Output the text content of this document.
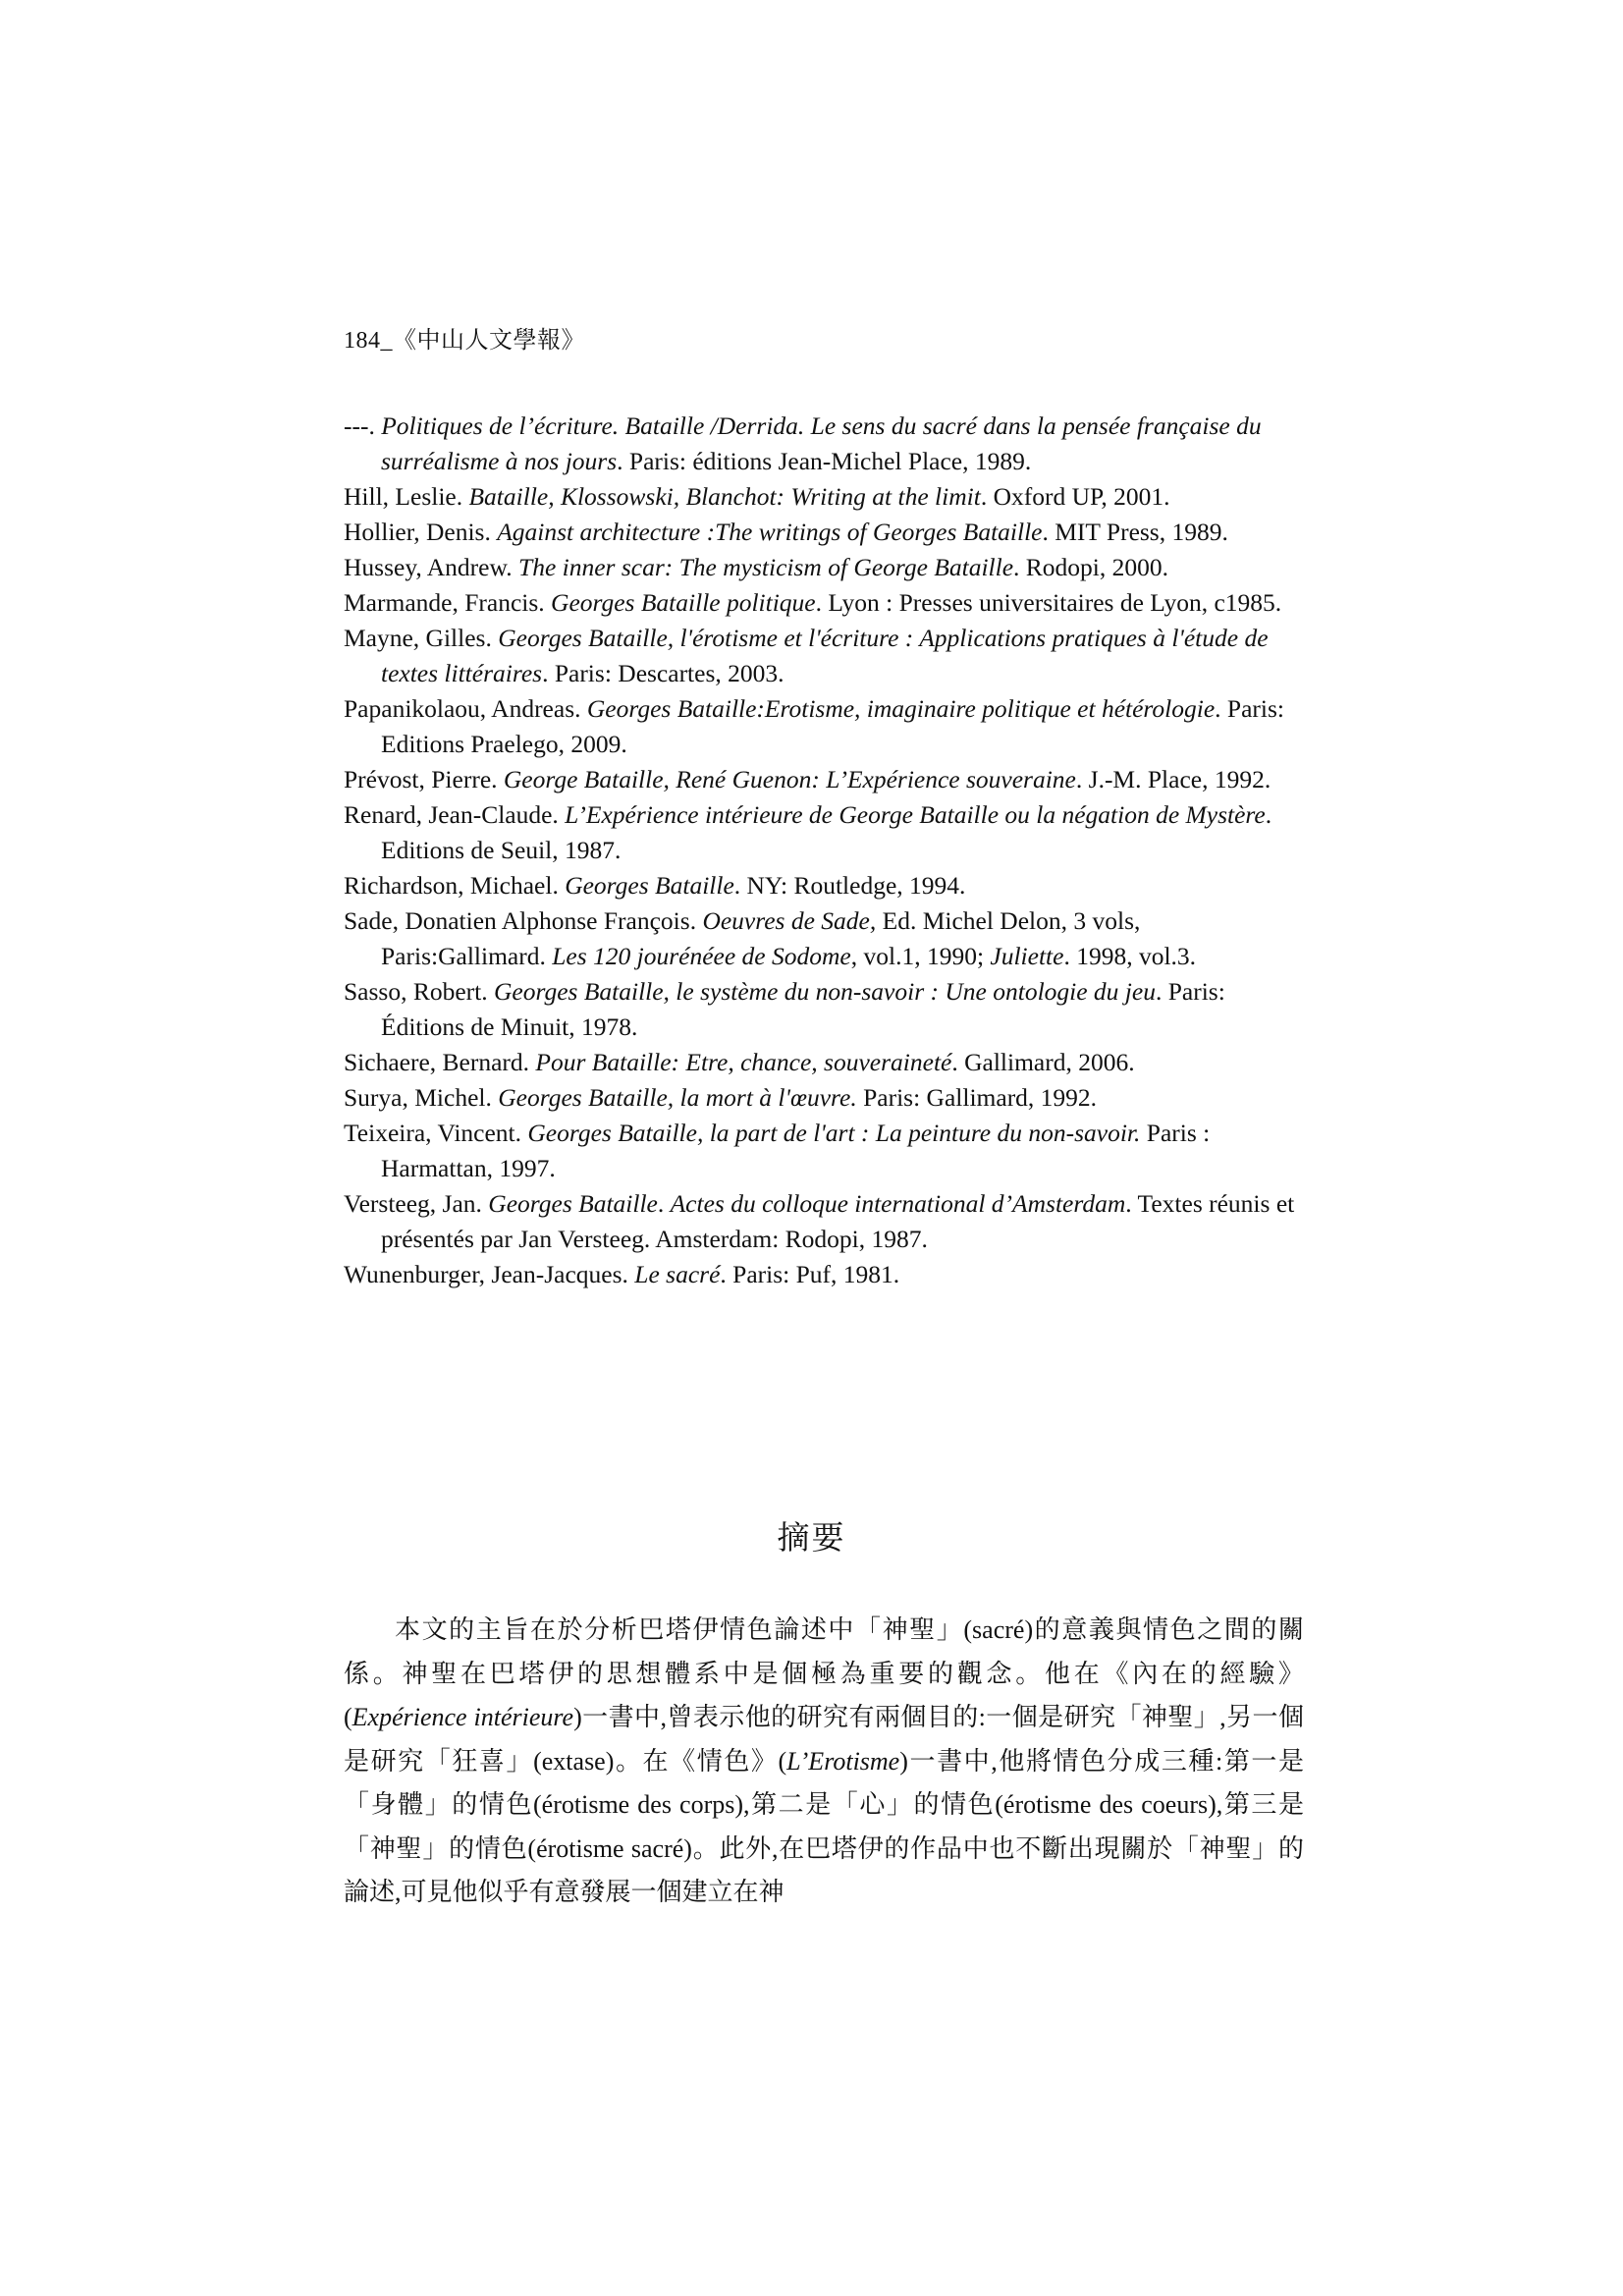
184_《中山人文學報》

---. Politiques de l’écriture. Bataille /Derrida. Le sens du sacré dans la pensée française du surréalisme à nos jours. Paris: éditions Jean-Michel Place, 1989.

Hill, Leslie. Bataille, Klossowski, Blanchot: Writing at the limit. Oxford UP, 2001.

Hollier, Denis. Against architecture :The writings of Georges Bataille. MIT Press, 1989.

Hussey, Andrew. The inner scar: The mysticism of George Bataille. Rodopi, 2000.

Marmande, Francis. Georges Bataille politique. Lyon : Presses universitaires de Lyon, c1985.

Mayne, Gilles. Georges Bataille, l'érotisme et l'écriture : Applications pratiques à l'étude de textes littéraires. Paris: Descartes, 2003.

Papanikolaou, Andreas. Georges Bataille:Erotisme, imaginaire politique et hétérologie. Paris: Editions Praelego, 2009.

Prévost, Pierre. George Bataille, René Guenon: L’Expérience souveraine. J.-M. Place, 1992.

Renard, Jean-Claude. L’Expérience intérieure de George Bataille ou la négation de Mystère. Editions de Seuil, 1987.

Richardson, Michael. Georges Bataille. NY: Routledge, 1994.

Sade, Donatien Alphonse François. Oeuvres de Sade, Ed. Michel Delon, 3 vols, Paris:Gallimard. Les 120 jourénéee de Sodome, vol.1, 1990; Juliette. 1998, vol.3.

Sasso, Robert. Georges Bataille, le système du non-savoir : Une ontologie du jeu. Paris: Éditions de Minuit, 1978.

Sichaere, Bernard. Pour Bataille: Etre, chance, souveraineté. Gallimard, 2006.

Surya, Michel. Georges Bataille, la mort à l'œuvre. Paris: Gallimard, 1992.

Teixeira, Vincent. Georges Bataille, la part de l'art : La peinture du non-savoir. Paris : Harmattan, 1997.

Versteeg, Jan. Georges Bataille. Actes du colloque international d’Amsterdam. Textes réunis et présentés par Jan Versteeg. Amsterdam: Rodopi, 1987.

Wunenburger, Jean-Jacques. Le sacré. Paris: Puf, 1981.

摘要

本文的主旨在於分析巴塔伊情色論述中「神聖」(sacré)的意義與情色之間的關係。神聖在巴塔伊的思想體系中是個極為重要的觀念。他在《內在的經驗》(Expérience intérieure)一書中,曾表示他的研究有兩個目的:一個是研究「神聖」,另一個是研究「狂喜」(extase)。在《情色》(L’Erotisme)一書中,他將情色分成三種:第一是「身體」的情色(érotisme des corps),第二是「心」的情色(érotisme des coeurs),第三是「神聖」的情色(érotisme sacré)。此外,在巴塔伊的作品中也不斷出現關於「神聖」的論述,可見他似乎有意發展一個建立在神
